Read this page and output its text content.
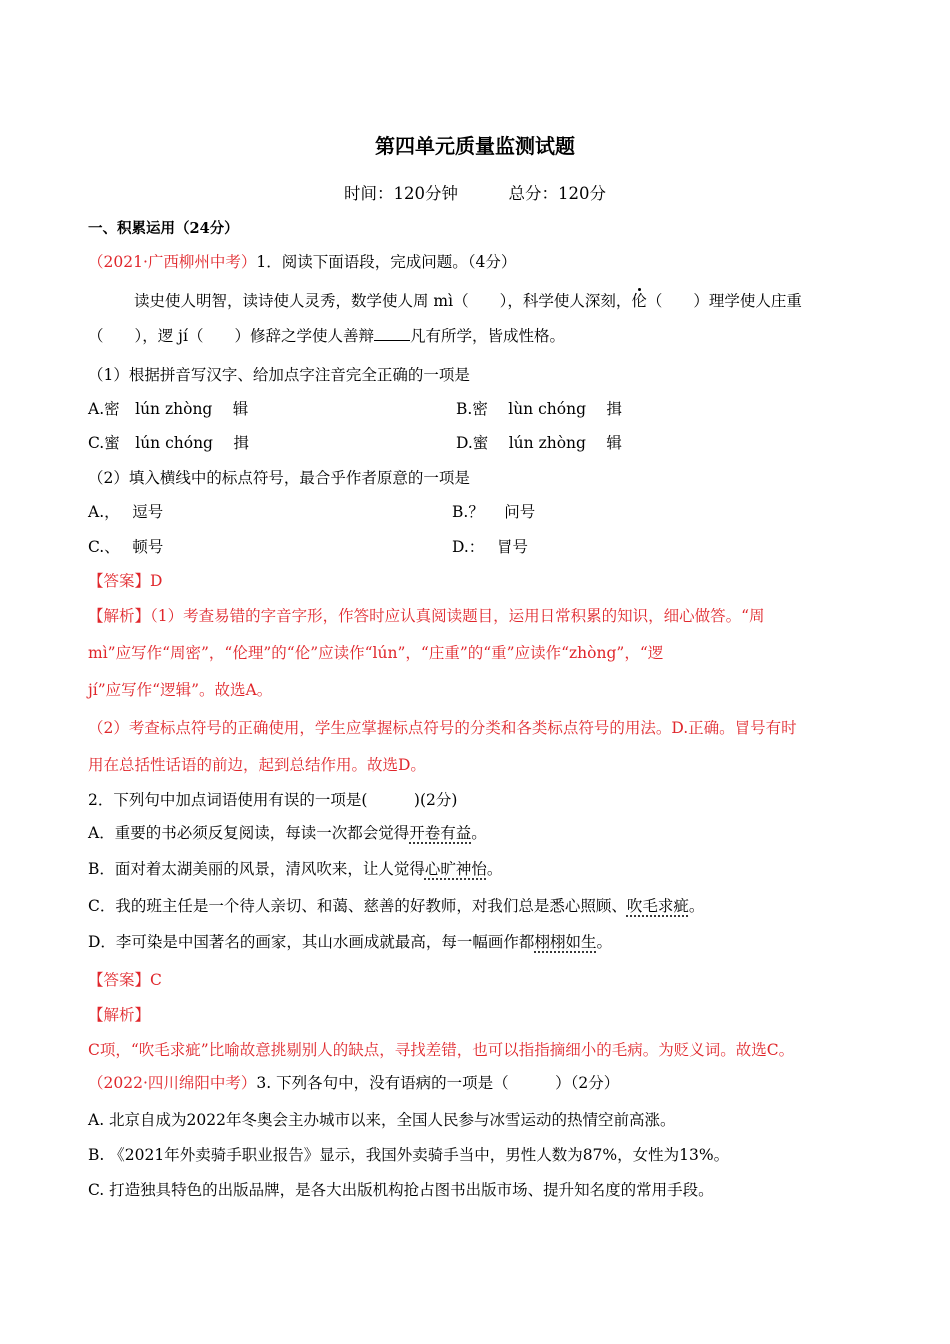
第四单元质量监测试题
时间：120分钟	总分：120分
一、积累运用（24分）
（2021·广西柳州中考）1．阅读下面语段，完成问题。（4分）
读史使人明智，读诗使人灵秀，数学使人周 mì（　　），科学使人深刻，伦（　　）理学使人庄重
（　　），逻 jí（　　）修辞之学使人善辩 凡有所学，皆成性格。
（1）根据拼音写汉字、给加点字注音完全正确的一项是
A.密　lún zhòng　 辑	B.密　 lùn chóng　 揖
C.蜜　lún chóng　 揖	D.蜜　 lún zhòng　 辑
（2）填入横线中的标点符号，最合乎作者原意的一项是
A.，　 逗号	B.？　 问号
C.、　 顿号	D.：　 冒号
【答案】D
【解析】（1）考查易错的字音字形，作答时应认真阅读题目，运用日常积累的知识，细心做答。“周
mì”应写作“周密”，“伦理”的“伦”应读作“lún”，“庄重”的“重”应读作“zhòng”，“逻
jí”应写作“逻辑”。故选A。
（2）考查标点符号的正确使用，学生应掌握标点符号的分类和各类标点符号的用法。D.正确。冒号有时
用在总括性话语的前边，起到总结作用。故选D。
2．下列句中加点词语使用有误的一项是(　　　)(2分)
A．重要的书必须反复阅读，每读一次都会觉得开卷有益。
B．面对着太湖美丽的风景，清风吹来，让人觉得心旷神怡。
C．我的班主任是一个待人亲切、和蔼、慈善的好教师，对我们总是悉心照顾、吹毛求疵。
D．李可染是中国著名的画家，其山水画成就最高，每一幅画作都栩栩如生。
【答案】C
【解析】
C项，“吹毛求疵”比喻故意挑剔别人的缺点，寻找差错，也可以指指摘细小的毛病。为贬义词。故选C。
（2022·四川绵阳中考）3. 下列各句中，没有语病的一项是（　　　）（2分）
A. 北京自成为2022年冬奥会主办城市以来，全国人民参与冰雪运动的热情空前高涨。
B. 《2021年外卖骑手职业报告》显示，我国外卖骑手当中，男性人数为87%，女性为13%。
C. 打造独具特色的出版品牌，是各大出版机构抢占图书出版市场、提升知名度的常用手段。
